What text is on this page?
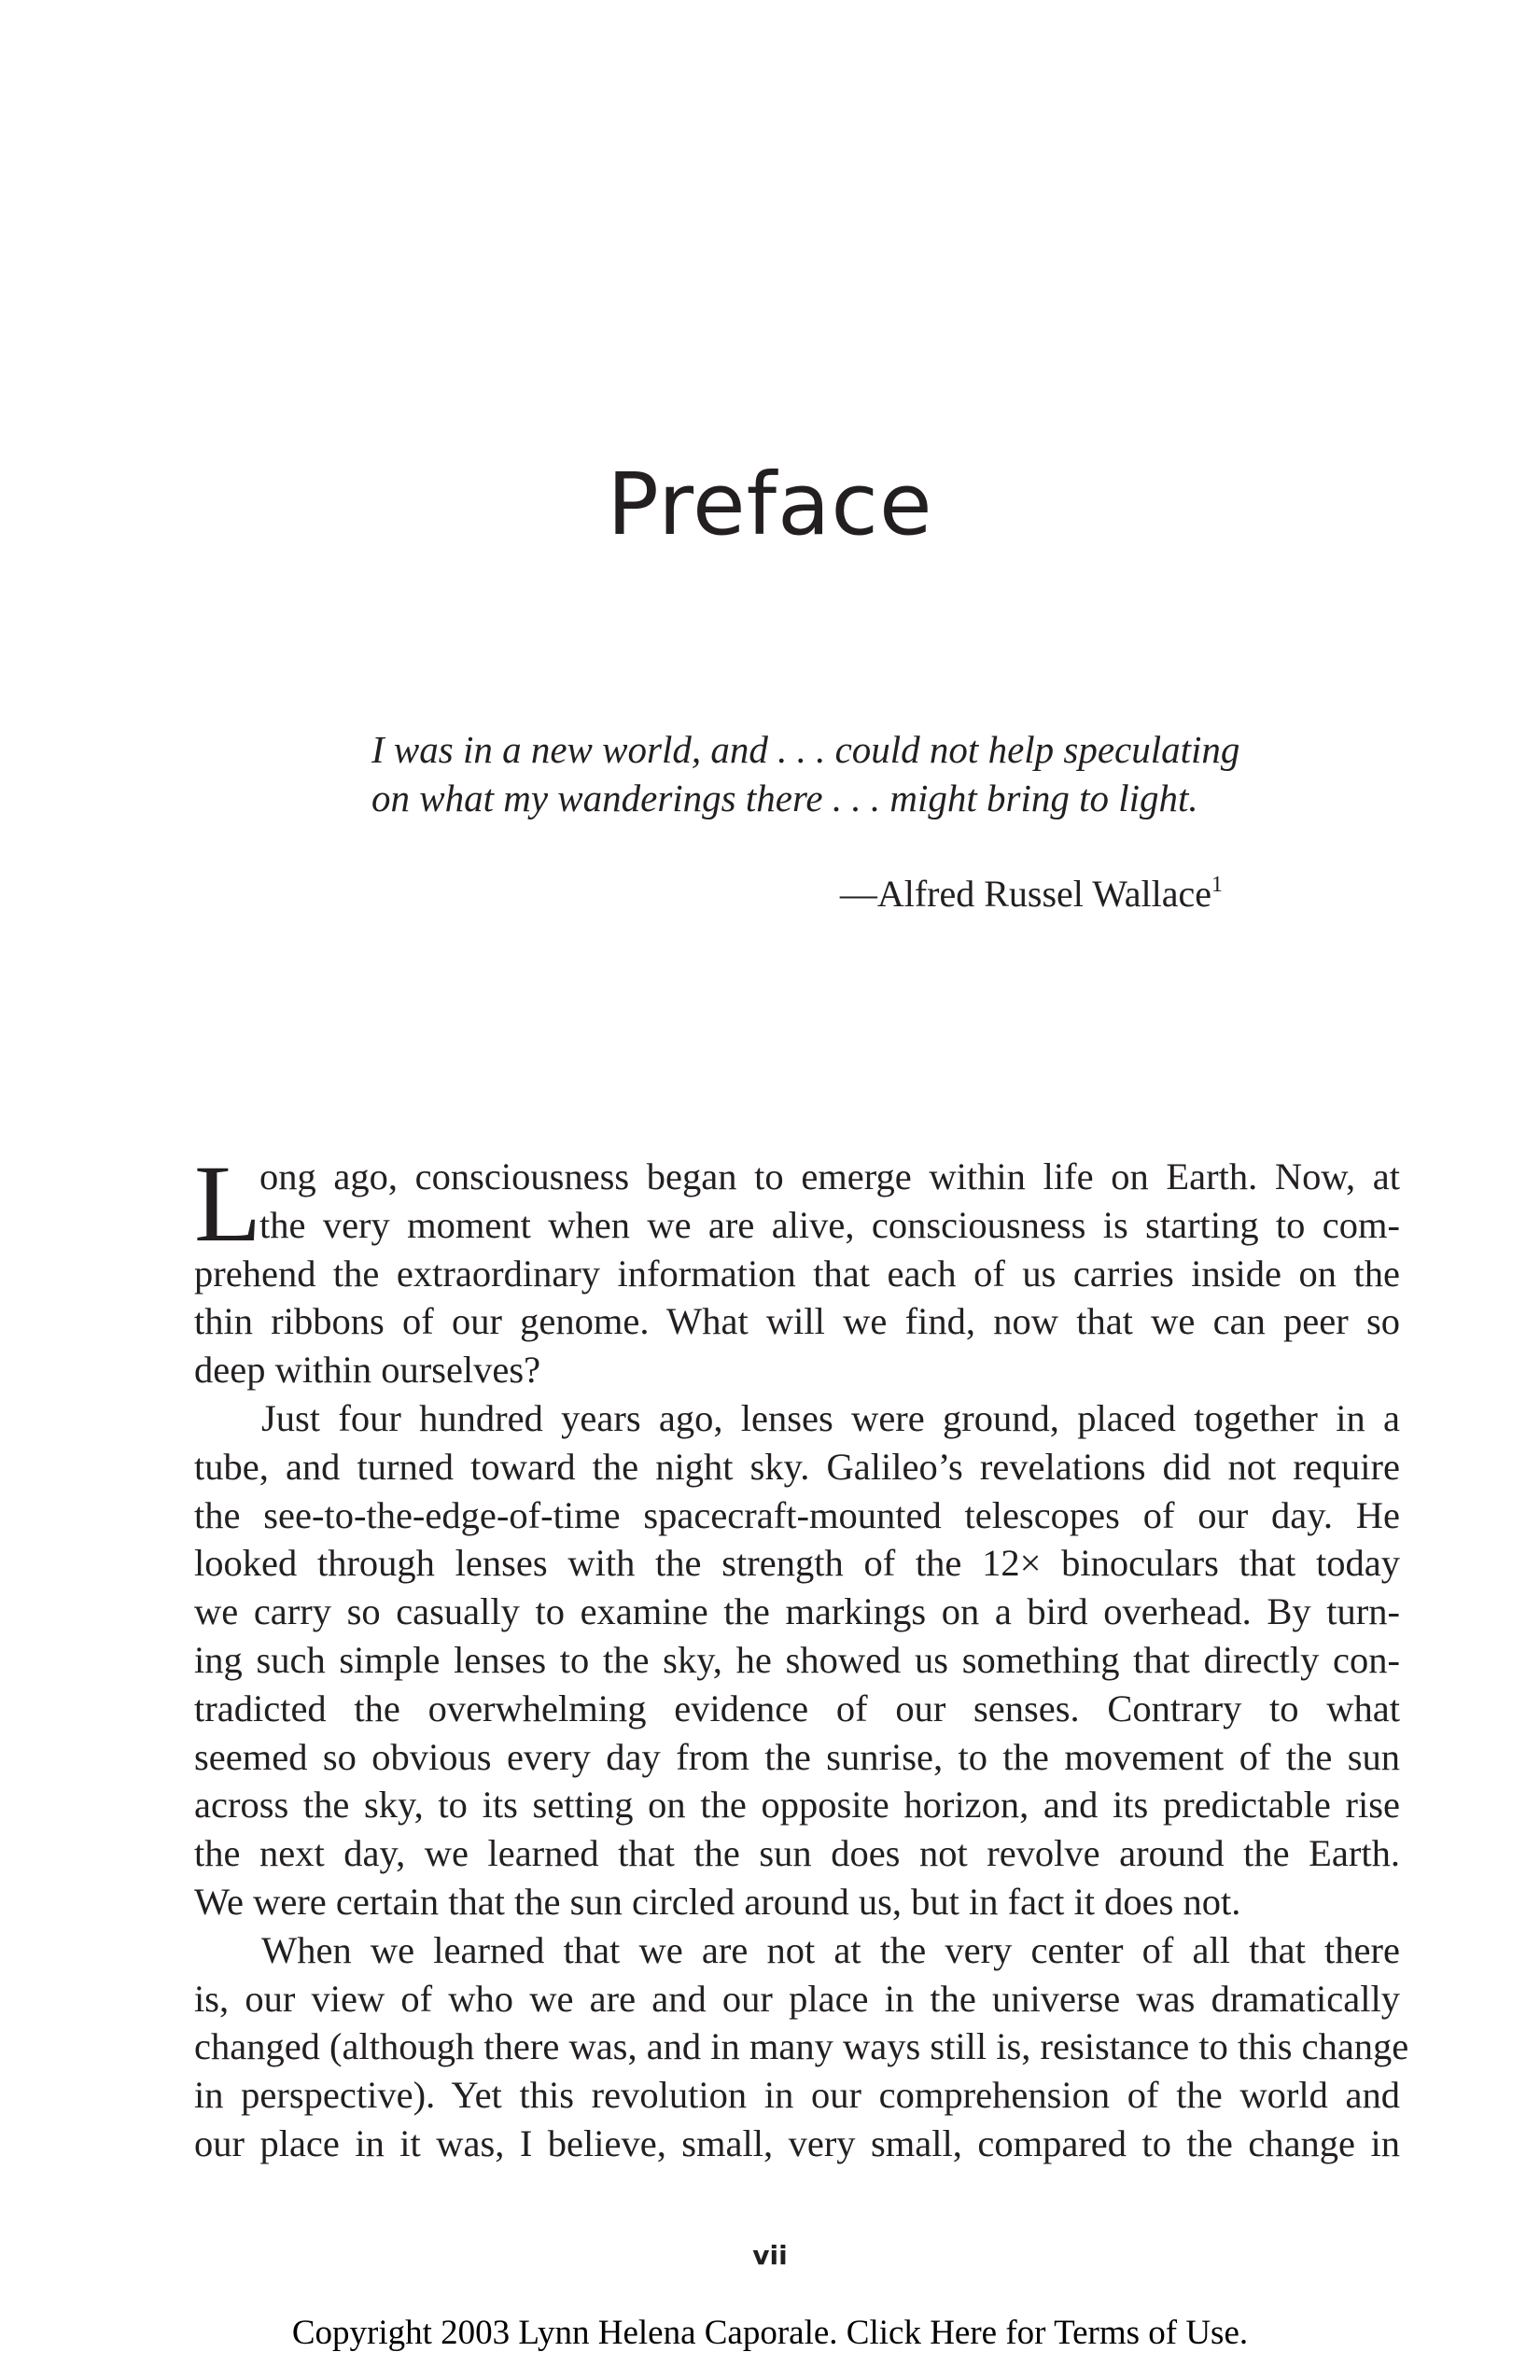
Preface
I was in a new world, and . . . could not help speculating
on what my wanderings there . . . might bring to light.
—Alfred Russel Wallace$^1$
L
ong ago, consciousness began to emerge within life on Earth. Now, at
the very moment when we are alive, consciousness is starting to com-
prehend the extraordinary information that each of us carries inside on the
thin ribbons of our genome. What will we find, now that we can peer so
deep within ourselves?
Just four hundred years ago, lenses were ground, placed together in a
tube, and turned toward the night sky. Galileo’s revelations did not require
the see-to-the-edge-of-time spacecraft-mounted telescopes of our day. He
looked through lenses with the strength of the 12× binoculars that today
we carry so casually to examine the markings on a bird overhead. By turn-
ing such simple lenses to the sky, he showed us something that directly con-
tradicted the overwhelming evidence of our senses. Contrary to what
seemed so obvious every day from the sunrise, to the movement of the sun
across the sky, to its setting on the opposite horizon, and its predictable rise
the next day, we learned that the sun does not revolve around the Earth.
We were certain that the sun circled around us, but in fact it does not.
When we learned that we are not at the very center of all that there
is, our view of who we are and our place in the universe was dramatically
changed (although there was, and in many ways still is, resistance to this change
in perspective). Yet this revolution in our comprehension of the world and
our place in it was, I believe, small, very small, compared to the change in
vii
Copyright 2003 Lynn Helena Caporale. Click Here for Terms of Use.
